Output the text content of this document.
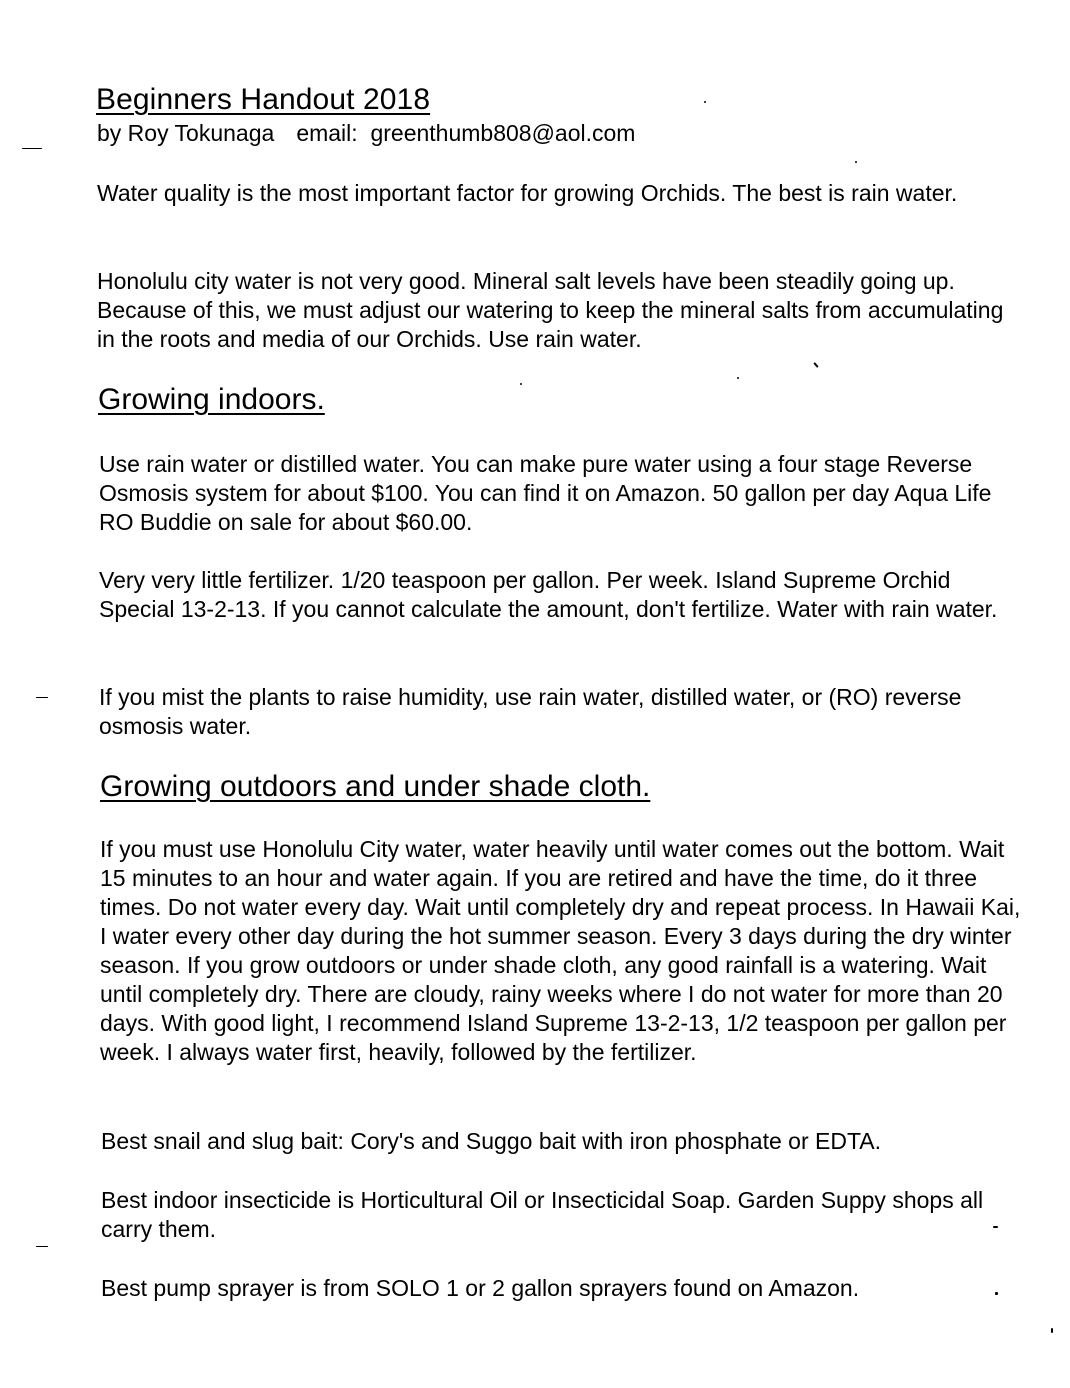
Beginners Handout 2018

by Roy Tokunaga email: greenthumb808@aol.com

Water quality is the most important factor for growing Orchids. The best is rain water.

Honolulu city water is not very good. Mineral salt levels have been steadily going up. Because of this, we must adjust our watering to keep the mineral salts from accumulating in the roots and media of our Orchids. Use rain water.

Growing indoors.

Use rain water or distilled water. You can make pure water using a four stage Reverse Osmosis system for about $100. You can find it on Amazon. 50 gallon per day Aqua Life RO Buddie on sale for about $60.00.

Very very little fertilizer. 1/20 teaspoon per gallon. Per week. Island Supreme Orchid Special 13-2-13. If you cannot calculate the amount, don't fertilize. Water with rain water.

If you mist the plants to raise humidity, use rain water, distilled water, or (RO) reverse osmosis water.

Growing outdoors and under shade cloth.

If you must use Honolulu City water, water heavily until water comes out the bottom. Wait 15 minutes to an hour and water again. If you are retired and have the time, do it three times. Do not water every day. Wait until completely dry and repeat process. In Hawaii Kai, I water every other day during the hot summer season. Every 3 days during the dry winter season. If you grow outdoors or under shade cloth, any good rainfall is a watering. Wait until completely dry. There are cloudy, rainy weeks where I do not water for more than 20 days. With good light, I recommend Island Supreme 13-2-13, 1/2 teaspoon per gallon per week. I always water first, heavily, followed by the fertilizer.

Best snail and slug bait: Cory's and Suggo bait with iron phosphate or EDTA.

Best indoor insecticide is Horticultural Oil or Insecticidal Soap. Garden Suppy shops all carry them.

Best pump sprayer is from SOLO 1 or 2 gallon sprayers found on Amazon.
